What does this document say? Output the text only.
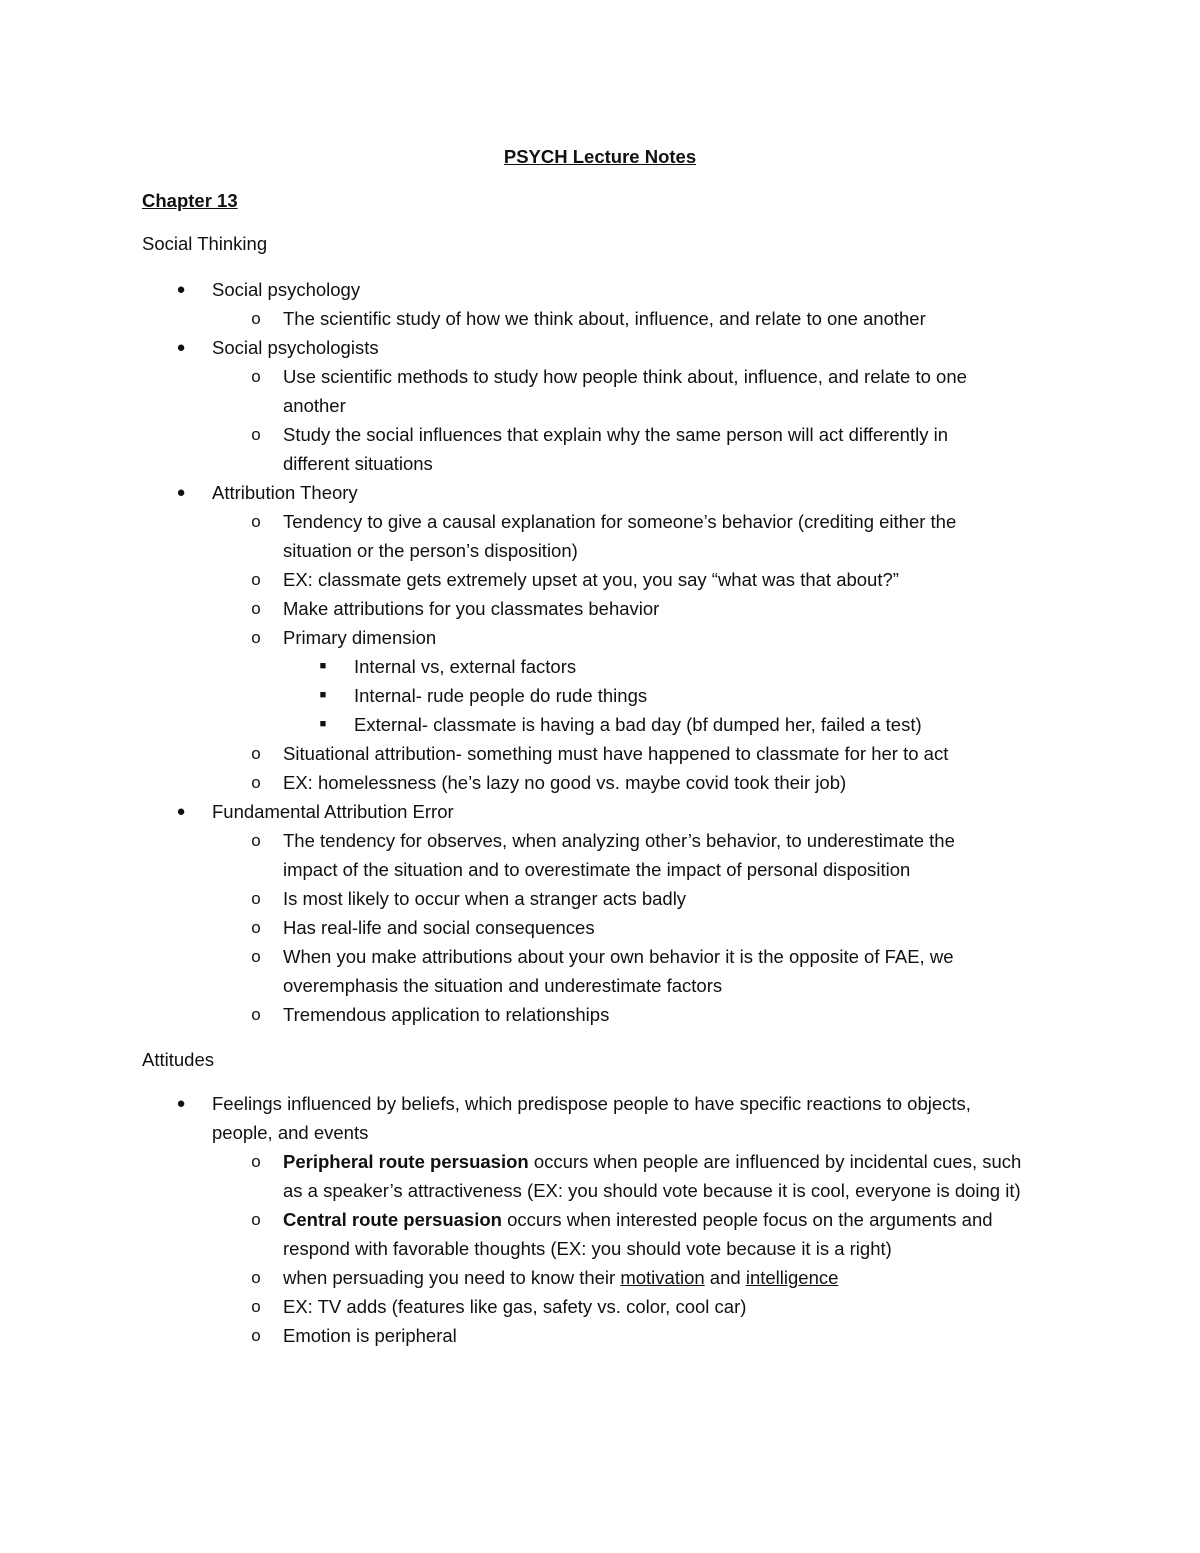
PSYCH Lecture Notes
Chapter 13
Social Thinking
● Social psychology
o The scientific study of how we think about, influence, and relate to one another
● Social psychologists
o Use scientific methods to study how people think about, influence, and relate to one
another
o Study the social influences that explain why the same person will act differently in
different situations
● Attribution Theory
o Tendency to give a causal explanation for someone’s behavior (crediting either the
situation or the person’s disposition)
o EX: classmate gets extremely upset at you, you say “what was that about?”
o Make attributions for you classmates behavior
o Primary dimension
■ Internal vs, external factors
■ Internal- rude people do rude things
■ External- classmate is having a bad day (bf dumped her, failed a test)
o Situational attribution- something must have happened to classmate for her to act
o EX: homelessness (he’s lazy no good vs. maybe covid took their job)
● Fundamental Attribution Error
o The tendency for observes, when analyzing other’s behavior, to underestimate the
impact of the situation and to overestimate the impact of personal disposition
o Is most likely to occur when a stranger acts badly
o Has real-life and social consequences
o When you make attributions about your own behavior it is the opposite of FAE, we
overemphasis the situation and underestimate factors
o Tremendous application to relationships
Attitudes
● Feelings influenced by beliefs, which predispose people to have specific reactions to objects,
people, and events
o Peripheral route persuasion occurs when people are influenced by incidental cues, such
as a speaker’s attractiveness (EX: you should vote because it is cool, everyone is doing it)
o Central route persuasion occurs when interested people focus on the arguments and
respond with favorable thoughts (EX: you should vote because it is a right)
o when persuading you need to know their motivation and intelligence
o EX: TV adds (features like gas, safety vs. color, cool car)
o Emotion is peripheral
